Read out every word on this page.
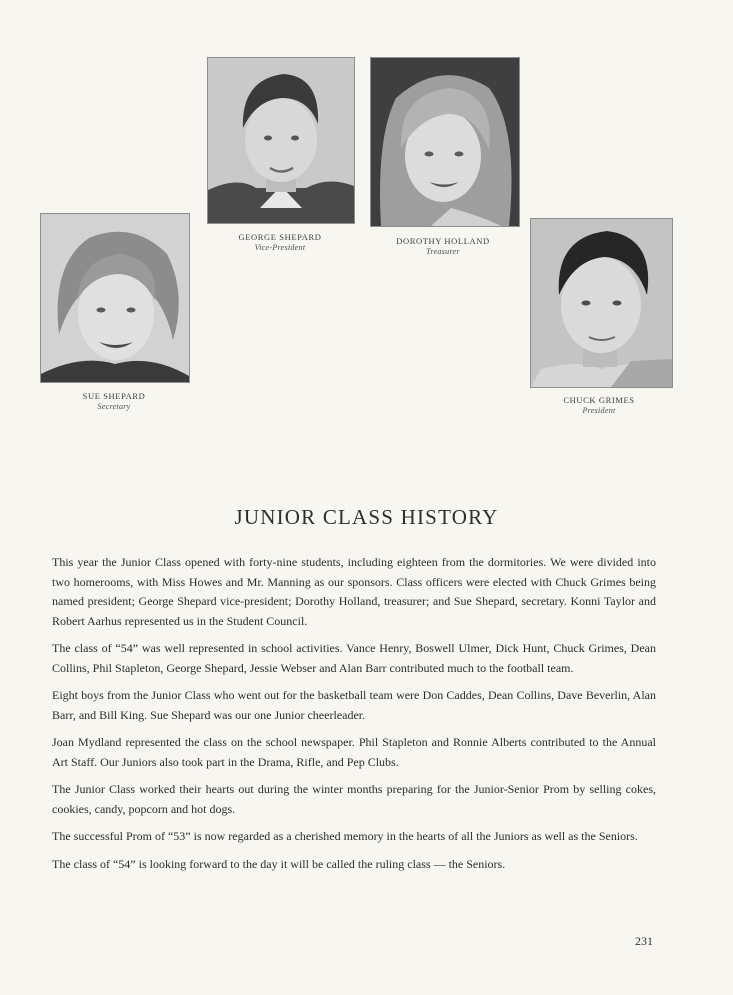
GEORGE SHEPARD
Vice-President
DOROTHY HOLLAND
Treasurer
SUE SHEPARD
Secretary
CHUCK GRIMES
President
JUNIOR CLASS HISTORY

This year the Junior Class opened with forty-nine students, including eighteen from the dormitories. We were divided into two homerooms, with Miss Howes and Mr. Manning as our sponsors. Class officers were elected with Chuck Grimes being named president; George Shepard vice-president; Dorothy Holland, treasurer; and Sue Shepard, secretary. Konni Taylor and Robert Aarhus represented us in the Student Council.

The class of “54” was well represented in school activities. Vance Henry, Boswell Ulmer, Dick Hunt, Chuck Grimes, Dean Collins, Phil Stapleton, George Shepard, Jessie Webser and Alan Barr contributed much to the football team.

Eight boys from the Junior Class who went out for the basketball team were Don Caddes, Dean Collins, Dave Beverlin, Alan Barr, and Bill King. Sue Shepard was our one Junior cheerleader.

Joan Mydland represented the class on the school newspaper. Phil Stapleton and Ronnie Alberts contributed to the Annual Art Staff. Our Juniors also took part in the Drama, Rifle, and Pep Clubs.

The Junior Class worked their hearts out during the winter months preparing for the Junior-Senior Prom by selling cokes, cookies, candy, popcorn and hot dogs.

The successful Prom of “53” is now regarded as a cherished memory in the hearts of all the Juniors as well as the Seniors.

The class of “54” is looking forward to the day it will be called the ruling class — the Seniors.

231
